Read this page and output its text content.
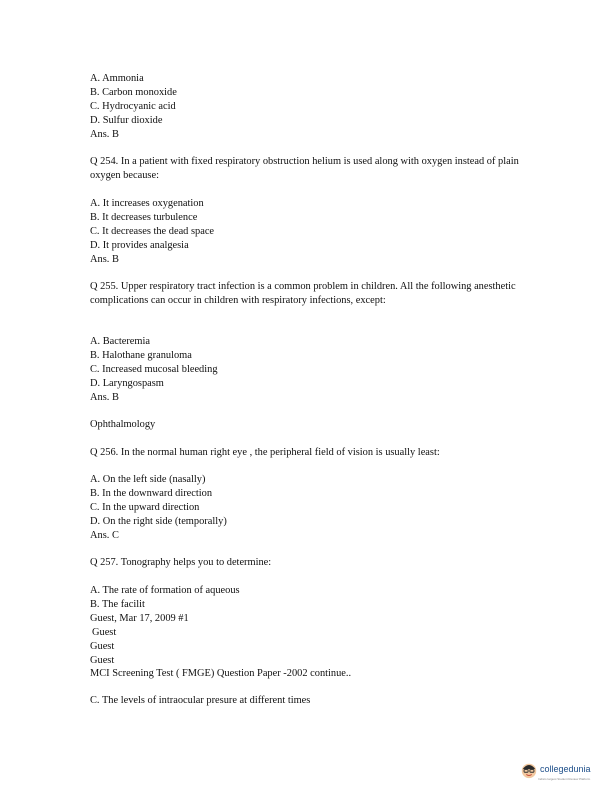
A. Ammonia
B. Carbon monoxide
C. Hydrocyanic acid
D. Sulfur dioxide
Ans. B
Q 254. In a patient with fixed respiratory obstruction helium is used along with oxygen instead of plain oxygen because:
A. It increases oxygenation
B. It decreases turbulence
C. It decreases the dead space
D. It provides analgesia
Ans. B
Q 255. Upper respiratory tract infection is a common problem in children. All the following anesthetic complications can occur in children with respiratory infections, except:
A. Bacteremia
B. Halothane granuloma
C. Increased mucosal bleeding
D. Laryngospasm
Ans. B
Ophthalmology
Q 256. In the normal human right eye , the peripheral field of vision is usually least:
A. On the left side (nasally)
B. In the downward direction
C. In the upward direction
D. On the right side (temporally)
Ans. C
Q 257. Tonography helps you to determine:
A. The rate of formation of aqueous
B. The facilit
Guest, Mar 17, 2009 #1
Guest
Guest
Guest
MCI Screening Test ( FMGE) Question Paper -2002 continue..
C. The levels of intraocular presure at different times
collegedunia
India's largest Student Review Platform
